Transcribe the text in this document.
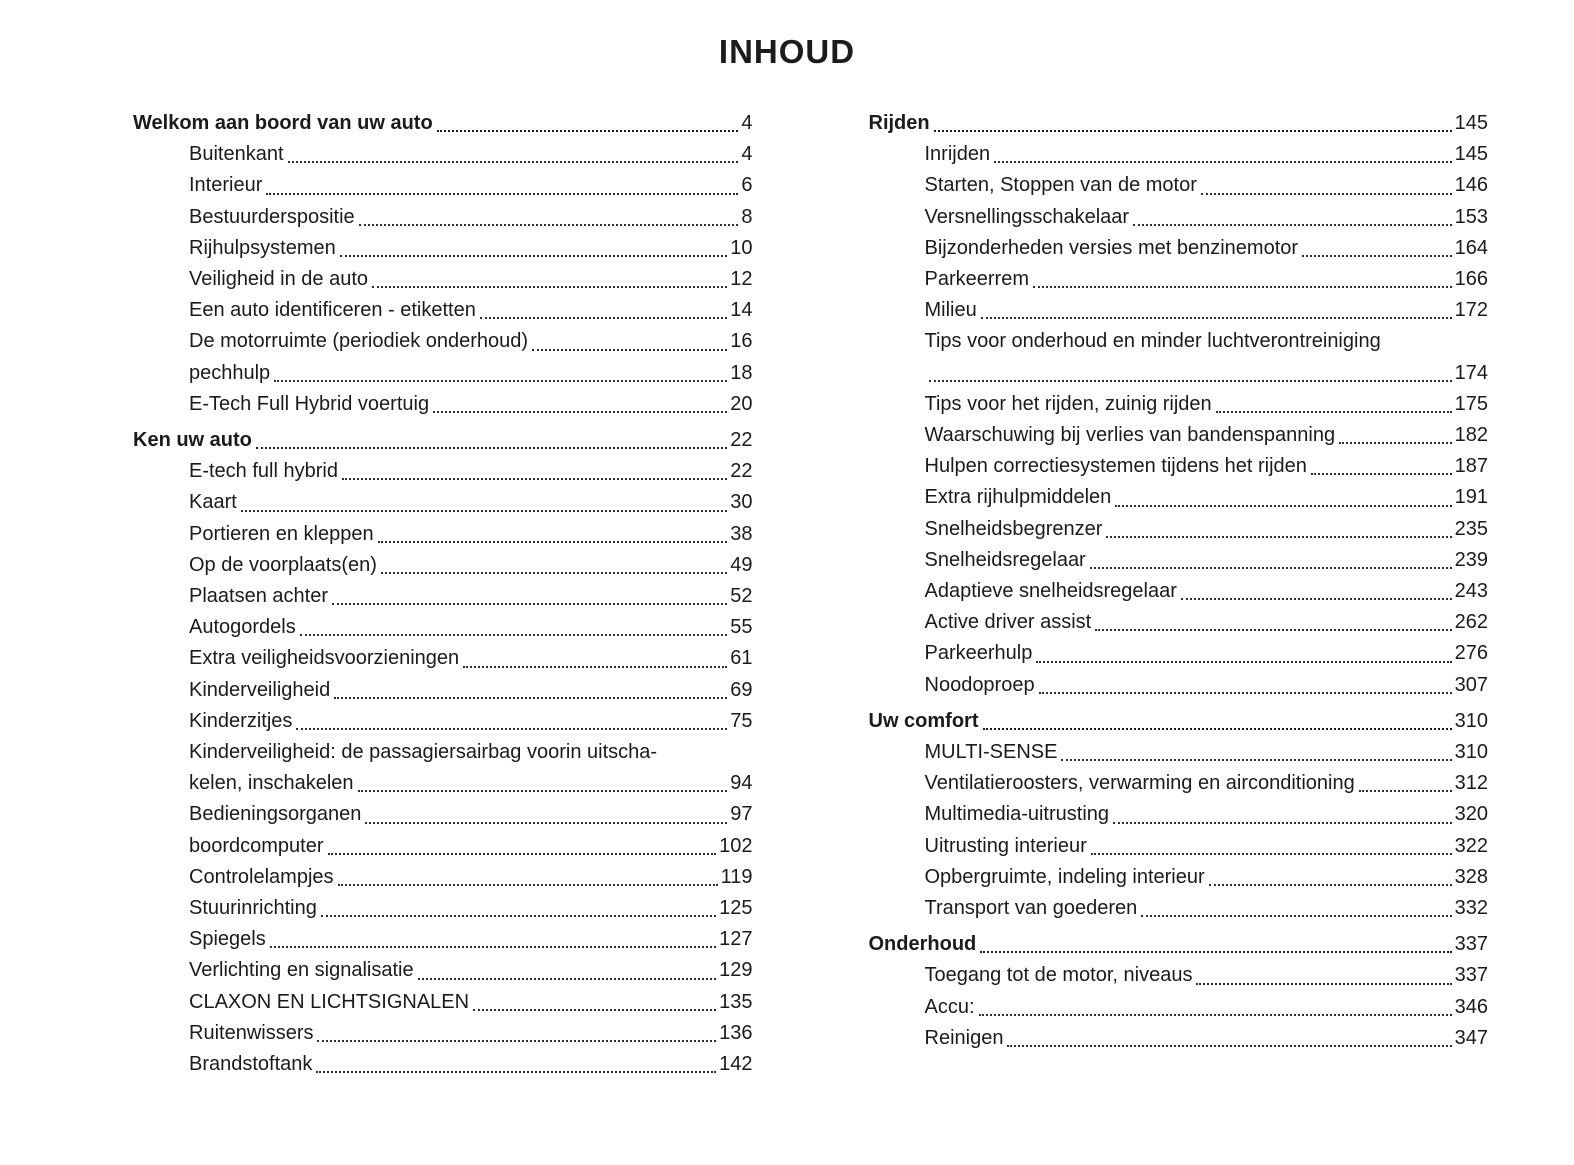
INHOUD
Welkom aan boord van uw auto	4
Buitenkant	4
Interieur	6
Bestuurderspositie	8
Rijhulpsystemen	10
Veiligheid in de auto	12
Een auto identificeren - etiketten	14
De motorruimte (periodiek onderhoud)	16
pechhulp	18
E-Tech Full Hybrid voertuig	20
Ken uw auto	22
E-tech full hybrid	22
Kaart	30
Portieren en kleppen	38
Op de voorplaats(en)	49
Plaatsen achter	52
Autogordels	55
Extra veiligheidsvoorzieningen	61
Kinderveiligheid	69
Kinderzitjes	75
Kinderveiligheid: de passagiersairbag voorin uitscha-
kelen, inschakelen	94
Bedieningsorganen	97
boordcomputer	102
Controlelampjes	119
Stuurinrichting	125
Spiegels	127
Verlichting en signalisatie	129
CLAXON EN LICHTSIGNALEN	135
Ruitenwissers	136
Brandstoftank	142
Rijden	145
Inrijden	145
Starten, Stoppen van de motor	146
Versnellingsschakelaar	153
Bijzonderheden versies met benzinemotor	164
Parkeerrem	166
Milieu	172
Tips voor onderhoud en minder luchtverontreiniging
174
Tips voor het rijden, zuinig rijden	175
Waarschuwing bij verlies van bandenspanning	182
Hulpen correctiesystemen tijdens het rijden	187
Extra rijhulpmiddelen	191
Snelheidsbegrenzer	235
Snelheidsregelaar	239
Adaptieve snelheidsregelaar	243
Active driver assist	262
Parkeerhulp	276
Noodoproep	307
Uw comfort	310
MULTI-SENSE	310
Ventilatieroosters, verwarming en airconditioning	312
Multimedia-uitrusting	320
Uitrusting interieur	322
Opbergruimte, indeling interieur	328
Transport van goederen	332
Onderhoud	337
Toegang tot de motor, niveaus	337
Accu:	346
Reinigen	347
